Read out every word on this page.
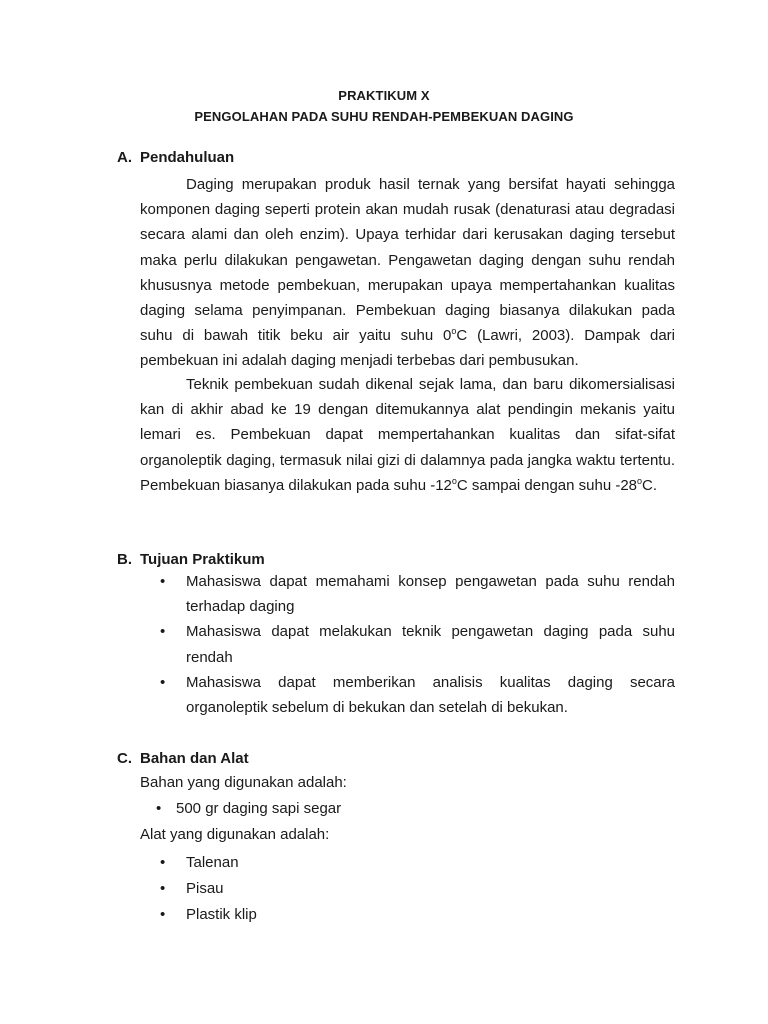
PRAKTIKUM X
PENGOLAHAN PADA SUHU RENDAH-PEMBEKUAN DAGING
A. Pendahuluan

Daging merupakan produk hasil ternak yang bersifat hayati sehingga komponen daging seperti protein akan mudah rusak (denaturasi atau degradasi secara alami dan oleh enzim). Upaya terhidar dari kerusakan daging tersebut maka perlu dilakukan pengawetan. Pengawetan daging dengan suhu rendah khususnya metode pembekuan, merupakan upaya mempertahankan kualitas daging selama penyimpanan. Pembekuan daging biasanya dilakukan pada suhu di bawah titik beku air yaitu suhu 0$^o$C (Lawri, 2003). Dampak dari pembekuan ini adalah daging menjadi terbebas dari pembusukan.

Teknik pembekuan sudah dikenal sejak lama, dan baru dikomersialisasi kan di akhir abad ke 19 dengan ditemukannya alat pendingin mekanis yaitu lemari es. Pembekuan dapat mempertahankan kualitas dan sifat-sifat organoleptik daging, termasuk nilai gizi di dalamnya pada jangka waktu tertentu. Pembekuan biasanya dilakukan pada suhu -12$^o$C sampai dengan suhu -28$^o$C.

B. Tujuan Praktikum
• Mahasiswa dapat memahami konsep pengawetan pada suhu rendah terhadap daging
• Mahasiswa dapat melakukan teknik pengawetan daging pada suhu rendah
• Mahasiswa dapat memberikan analisis kualitas daging secara organoleptik sebelum di bekukan dan setelah di bekukan.
C. Bahan dan Alat
Bahan yang digunakan adalah:
• 500 gr daging sapi segar
Alat yang digunakan adalah:
• Talenan
• Pisau
• Plastik klip
